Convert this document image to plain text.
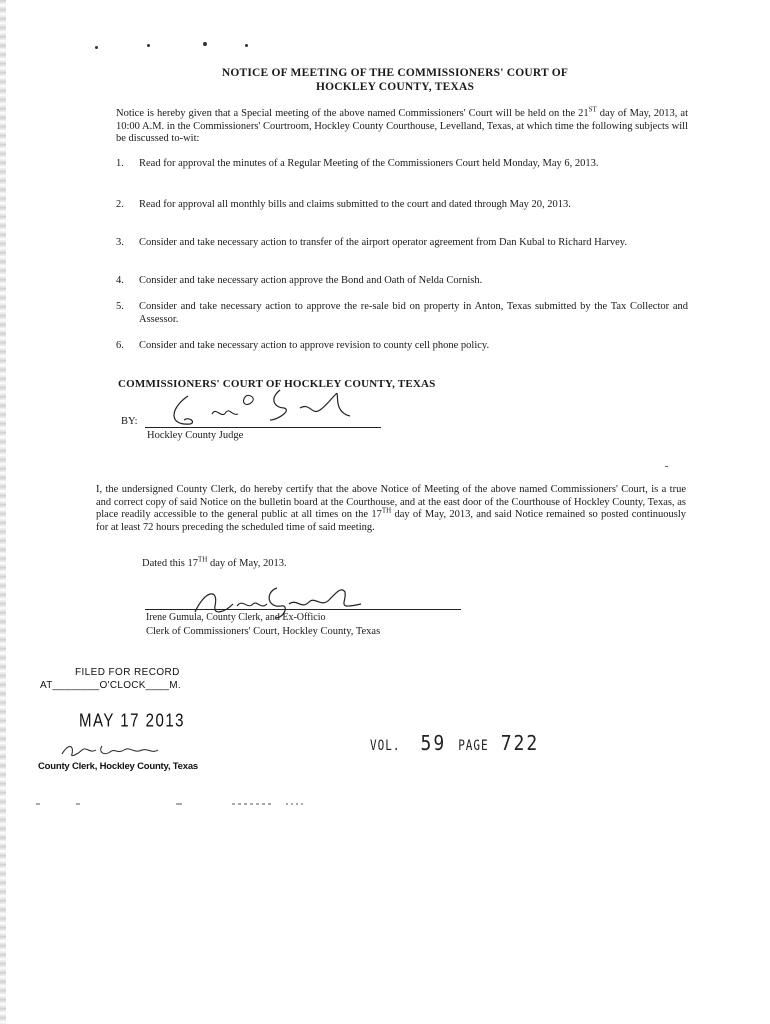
NOTICE OF MEETING OF THE COMMISSIONERS' COURT OF
HOCKLEY COUNTY, TEXAS
Notice is hereby given that a Special meeting of the above named Commissioners' Court will be held on the 21ST day of May, 2013, at 10:00 A.M. in the Commissioners' Courtroom, Hockley County Courthouse, Levelland, Texas, at which time the following subjects will be discussed to-wit:
1.	Read for approval the minutes of a Regular Meeting of the Commissioners Court held Monday, May 6, 2013.
2.	Read for approval all monthly bills and claims submitted to the court and dated through May 20, 2013.
3.	Consider and take necessary action to transfer of the airport operator agreement from Dan Kubal to Richard Harvey.
4.	Consider and take necessary action approve the Bond and Oath of Nelda Cornish.
5.	Consider and take necessary action to approve the re-sale bid on property in Anton, Texas submitted by the Tax Collector and Assessor.
6.	Consider and take necessary action to approve revision to county cell phone policy.
COMMISSIONERS' COURT OF HOCKLEY COUNTY, TEXAS
BY:
Hockley County Judge
I, the undersigned County Clerk, do hereby certify that the above Notice of Meeting of the above named Commissioners' Court, is a true and correct copy of said Notice on the bulletin board at the Courthouse, and at the east door of the Courthouse of Hockley County, Texas, as place readily accessible to the general public at all times on the 17TH day of May, 2013, and said Notice remained so posted continuously for at least 72 hours preceding the scheduled time of said meeting.
Dated this 17TH day of May, 2013.
Irene Gumula, County Clerk, and Ex-Officio
Clerk of Commissioners' Court, Hockley County, Texas
FILED FOR RECORD
AT________O'CLOCK____M.
MAY 17 2013
County Clerk, Hockley County, Texas
VOL. 59 PAGE 722
